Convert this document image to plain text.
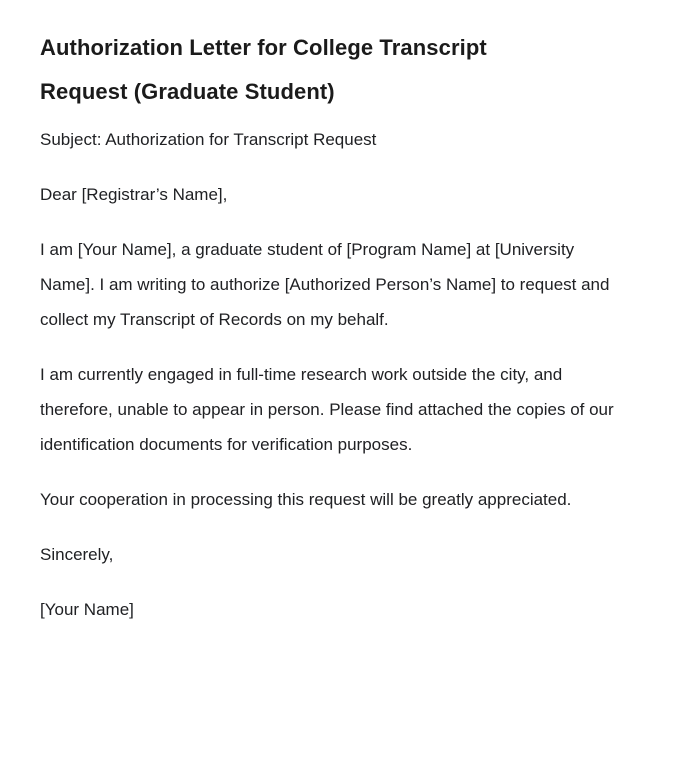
Authorization Letter for College Transcript Request (Graduate Student)

Subject: Authorization for Transcript Request

Dear [Registrar’s Name],

I am [Your Name], a graduate student of [Program Name] at [University Name]. I am writing to authorize [Authorized Person’s Name] to request and collect my Transcript of Records on my behalf.

I am currently engaged in full-time research work outside the city, and therefore, unable to appear in person. Please find attached the copies of our identification documents for verification purposes.

Your cooperation in processing this request will be greatly appreciated.

Sincerely,

[Your Name]
